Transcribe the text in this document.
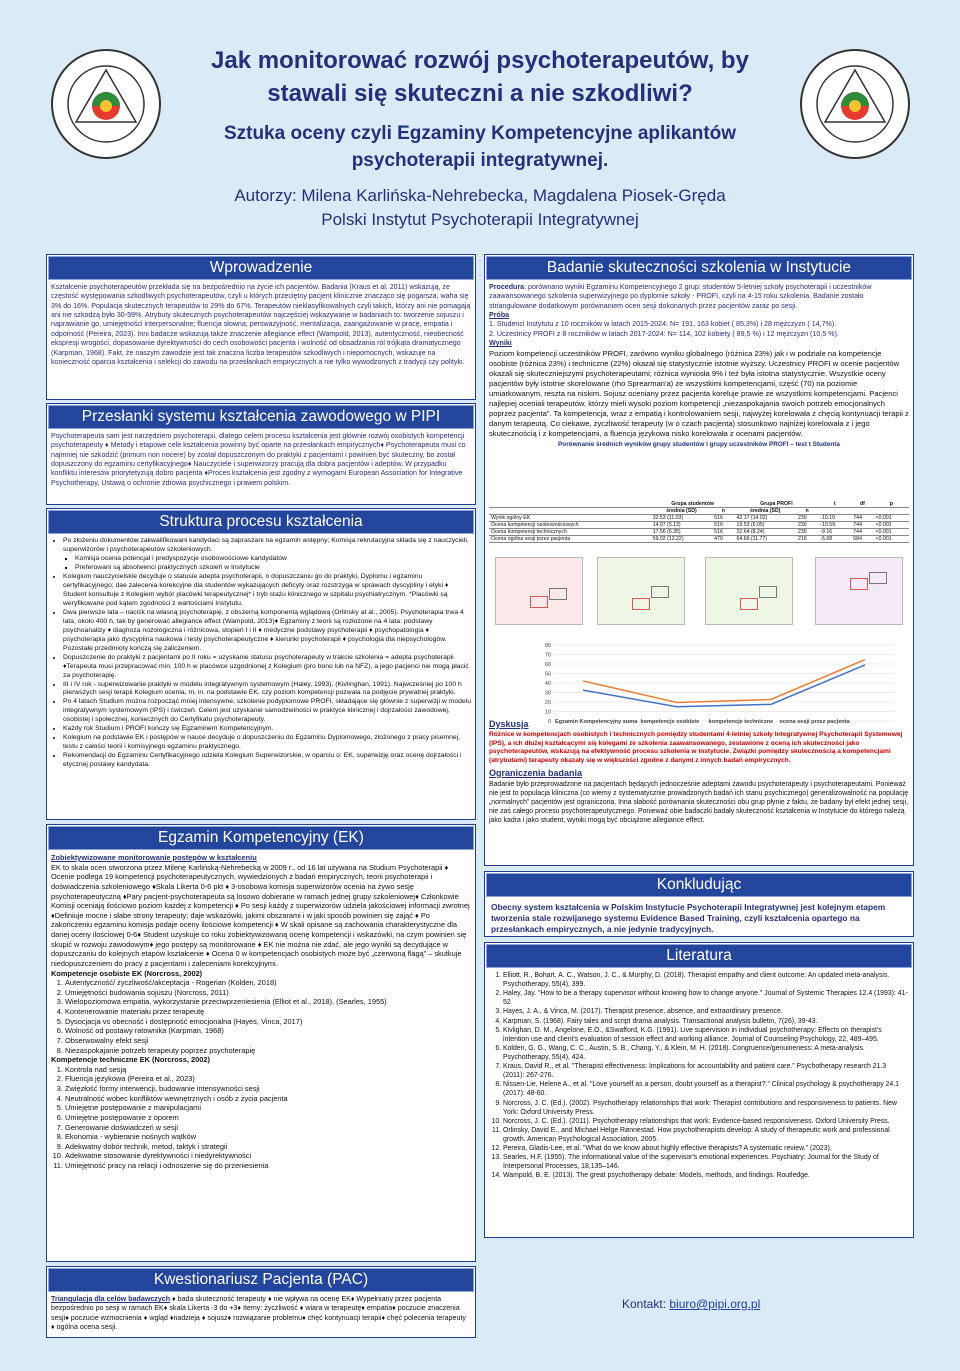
Jak monitorować rozwój psychoterapeutów, by
stawali się skuteczni a nie szkodliwi?
Sztuka oceny czyli Egzaminy Kompetencyjne aplikantów
psychoterapii integratywnej.
Autorzy: Milena Karlińska-Nehrebecka, Magdalena Piosek-Gręda
Polski Instytut Psychoterapii Integratywnej
Wprowadzenie
Kształcenie psychoterapeutów przekłada się na bezpośrednio na życie ich pacjentów. Badania (Kraus et al. 2011) wskazują, że częstość występowania szkodliwych psychoterapeutów, czyli u których przeciętny pacjent klinicznie znacząco się pogarsza, waha się 3% do 16%. Populacja skutecznych terapeutów to 29% do 67%. Terapeutów nieklasyfikowalnych czyli takich, którzy ani nie pomagają ani nie szkodzą było 30-59%. Atrybuty skutecznych psychoterapeutów najczęściej wskazywane w badaniach to: tworzenie sojuszu i naprawianie go, umiejętności interpersonalne; fluencja słowna; perswazyjność, mentalizacja, zaangażowanie w pracę, empatia i odporność (Pereira, 2023). Inni badacze wskazują także znaczenie allegiance effect (Wampold, 2013), autentyczność, nieobecność ekspresji wrogości, dopasowanie dyrektywności do cech osobowości pacjenta i wolność od obsadzania ról trójkąta dramatycznego (Karpman, 1968). Fakt, że naszym zawodzie jest tak znaczna liczba terapeutów szkodliwych i niepomocnych, wskazuje na konieczność oparcia kształcenia i selekcji do zawodu na przesłankach empirycznych a nie tylko wywodzonych z tradycji czy polityki.
Przesłanki systemu kształcenia zawodowego w PIPI
Psychoterapeuta sam jest narzędziem psychoterapii, dlatego celem procesu kształcenia jest głównie rozwój osobistych kompetencji psychoterapeuty ♦ Metody i etapowe cele kształcenia powinny być oparte na przesłankach empirycznych♦ Psychoterapeuta musi co najmniej nie szkodzić (primum non nocere) by został dopuszczonym do praktyki z pacjentami i powinien być skuteczny, bo został dopuszczony do egzaminu certyfikacyjnego♦ Nauczyciele i superwizorzy pracują dla dobra pacjentów i adeptów. W przypadku konfliktu interesów priorytetyzują dobro pacjenta ♦Proces kształcenia jest zgodny z wymogami European Association for Integrative Psychotherapy, Ustawą o ochronie zdrowia psychicznego i prawem polskim.
Struktura procesu kształcenia
• Po złożeniu dokumentów zakwalifikowani kandydaci są zapraszani na egzamin wstępny; Komisja rekrutacyjna składa się z nauczycieli, superwizorów i psychoterapeutów szkoleniowych.
▪ Komisja ocenia potencjał i predyspozycje osobowościowe kandydatów
▪ Preferowani są absolwenci praktycznych szkoleń w Instytucie
• Kolegium nauczycielskie decyduje o statusie adepta psychoterapii, o dopuszczaniu go do praktyki, Dyplomu i egzaminu certyfikacyjnego; dae zalecenia korekcyjne dla studentów wykazujących deficyty oraz rozstrzyga w sprawach dyscypliny i etyki ♦ Student konsultuje z Kolegiem wybór placówki terapeutycznej* i tryb stażu klinicznego w szpitalu psychiatrycznym. *Placówki są weryfikowane pod kątem zgodności z wartościami Instytutu.
• Dwa pierwsze lata – nacisk na własną psychoterapię, z obszerną komponentą wglądową (Orlinsky at al., 2005). Psychoterapia trwa 4 lata, około 400 h, tak by generować allegiance effect (Wampold, 2013)♦ Egzaminy z teorii są rozłożone na 4 lata: podstawy psychoanalizy ♦ diagnoza nozologiczna i różnicowa, stopień I i II ♦ medyczne podstawy psychoterapii ♦ psychopatologia ♦ psychoterapia jako dyscyplina naukowa i testy psychoterapeutyczne ♦ kierunki psychoterapii ♦ psychologia dla niepsychologów. Pozostałe przedmioty kończą się zaliczeniem.
• Dopuszczenie do praktyki z pacjentami po II roku = uzyskanie statusu psychoterapeuty w trakcie szkolenia = adepta psychoterapii ♦Terapeuta musi przepracować min. 100 h w placówce uzgodnionej z Kolegium (pro bono lub na NFZ), a jego pacjenci nie mogą płacić za psychoterapię.
• III i IV rok - superwizowanie praktyki w modelu integratywnym systemowym (Haley, 1993), (Kivlinghan, 1991). Najwcześniej po 100 h pierwszych sesji terapii Kolegium ocenia, m. in. na podstawie EK, czy poziom kompetencji pozwala na podjęcie prywatnej praktyki.
• Po 4 latach Studium można rozpocząć mniej intensywne, szkolenie podyplomowe PROFI, składające się głównie z superwizji w modelu integratywnym systemowym (IPS) i ćwiczeń. Celem jest uzyskanie samodzielności w praktyce klinicznej i dojrzałości zawodowej, osobistej i społecznej, koniecznych do Certyfikatu psychoterapeuty.
• Każdy rok Studium i PROFI kończy się Egzaminem Kompetencyjnym.
• Kolegium na podstawie EK i postępów w nauce decyduje o dopuszczeniu do Egzaminu Dyplomowego, złożonego z pracy pisemnej, testu z całości teorii i komisyjnego egzaminu praktycznego.
• Rekomendacji do Egzaminu Certyfikacyjnego udziela Kolegium Superwizorskie, w oparciu o: EK, superwizję oraz ocenę dojrzałości i etycznej postawy kandydata.
Egzamin Kompetencyjny (EK)
Zobiektywizowane monitorowanie postępów w kształceniu

EK to skala ocen stworzona przez Milenę Karlińską-Nehrebecką w 2009 r., od 16 lat używana na Studium Psychoterapii ♦ Ocenie podlega 19 kompetencji psychoterapeutycznych, wywiedzionych z badań empirycznych, teorii psychoterapii i doświadczenia szkoleniowego ♦Skala Likerta 0-6 pkt ♦ 3-osobowa komisja superwizorów ocenia na żywo sesję psychoterapeutyczną ♦Pary pacjent-psychoterapeuta są losowo dobierane w ramach jednej grupy szkoleniowej♦ Członkowie Komisji oceniają ilościowo poziom każdej z kompetencji ♦ Po sesji każdy z superwizorów udziela jakościowej informacji zwrotnej ♦Definiuje mocne i słabe strony terapeuty; daje wskazówki, jakimi obszarami i w jaki sposób powinien się zająć ♦ Po zakończeniu egzaminu komisja podaje oceny ilościowe kompetencji ♦ W skali opisane są zachowania charakterystyczne dla danej oceny ilościowej 0-6♦ Student uzyskuje co roku zobiektywizowaną ocenę kompetencji i wskazówki, na czym powinien się skupić w rozwoju zawodowym♦ jego postępy są monitorowane ♦ EK nie można nie zdać, ale jego wyniki są decydujące w dopuszczaniu do kolejnych etapów kształcenie ♦ Ocena 0 w kompetencjach osobistych może być „czerwoną flagą” – skutkuje niedopuszczeniem do pracy z pacjentami i zaleceniami korekcyjnymi.

Kompetencje osobiste EK (Norcross, 2002)
1. Autentyczność/ życzliwość/akceptacja - Rogerian (Kolden, 2018)
2. Umiejętności budowania sojuszu (Norcross, 2011)
3. Wielopoziomowa empatia, wykorzystanie przeciwprzeniesienia (Elliot et al., 2018), (Searles, 1955)
4. Kontenerowanie materiału przez terapeutę
5. Dysocjacja vs obecność i dostępność emocjonalna (Hayes, Vinca, 2017)
6. Wolność od postawy ratownika (Karpman, 1968)
7. Obserwowalny efekt sesji
8. Niezaspokajanie potrzeb terapeuty poprzez psychoterapię
Kompetencje techniczne EK (Norcross, 2002)
1. Kontrola nad sesją
2. Fluencja językowa (Pereira et al., 2023)
3. Zwięzłość formy interwencji, budowanie intensywności sesji
4. Neutralność wobec konfliktów wewnętrznych i osób z życia pacjenta
5. Umiejętne postępowanie z manipulacjami
6. Umiejętne postępowanie z oporem
7. Generowanie doświadczeń w sesji
8. Ekonomia - wybieranie nośnych wątków
9. Adekwatny dobór technik, metod, taktyk i strategii
10. Adekwatne stosowanie dyrektywności i niedyrektywności
11. Umiejętność pracy na relacji i odnoszenie się do przeniesienia
Kwestionariusz Pacjenta (PAC)
Triangulacja dla celów badawczych ♦ bada skuteczność terapeuty ♦ nie wpływa na ocenę EK♦ Wypełniany przez pacjenta bezpośrednio po sesji w ramach EK♦ skala Likerta -3 do +3♦ Itemy: życzliwość ♦ wiara w terapeutę♦ empatia♦ poczucie znaczenia sesji♦ poczucie wzmocnienia ♦ wgląd ♦nadzieja ♦ sojusz♦ rozwiązanie problemu♦ chęć kontynuacji terapii♦ chęć polecenia terapeuty ♦ ogólna ocena sesji.
Badanie skuteczności szkolenia w Instytucie

Procedura: porównano wyniki Egzaminu Kompetencyjnego 2 grup: studentów 5-letniej szkoły psychoterapii i uczestników zaawansowanego szkolenia superwizyjnego po dyplomie szkoły - PROFI, czyli na 4-15 roku szkolenia. Badanie zostało striangulowane dodatkowym porównaniem ocen sesji dokonanych przez pacjentów zaraz po sesji.

Próba

1. Studenci Instytutu z 10 roczników w latach 2015-2024: N= 191, 163 kobiet ( 85,3%) i 28 mężczyzn ( 14,7%).

2. Uczestnicy PROFI z 8 roczników w latach 2017-2024: N= 114, 102 kobiety ( 89,5 %) i 12 mężczyzn (10,5 %).

Wyniki

Poziom kompetencji uczestników PROFI, zarówno wyniku globalnego (różnica 23%) jak i w podziale na kompetencje osobiste (różnica 23%) i techniczne (22%) okazał się statystycznie istotnie wyższy. Uczestnicy PROFI w ocenie pacjentów okazali się skuteczniejszymi psychoterapeutami; różnica wyniosła 9% i też była istotna statystycznie. Wszystkie oceny pacjentów były istotnie skorelowane (rho Sprearman'a) ze wszystkimi kompetencjami, część (70) na poziomie umiarkowanym, reszta na niskim. Sojusz oceniany przez pacjenta koreluje prawie ze wszystkimi kompetencjami. Pacjenci najlepiej oceniali terapeutów, którzy mieli wysoki poziom kompetencji „niezaspokajania swoich potrzeb emocjonalnych poprzez pacjenta”. Ta kompetencja, wraz z empatią i kontrolowaniem sesji, najwyżej korelowała z chęcią kontynuacji terapii z danym terapeutą. Co ciekawe, życzliwość terapeuty (w o czach pacjenta) stosunkowo najniżej korelowała z i jego skutecznością i z kompetencjami, a fluencja językowa nisko korelowała z ocenami pacjentów.

Porównanie średnich wyników grupy studentów i grupy uczestników PROFI – test t Studenta
	Grupa studentów		Grupa PROFI		t	df	p
	średnia (SD)	n	średnia (SD)	n			
Wynik ogólny EK	32.53 (11.03)	516	42.17 (14.02)	230	-10.10	744	<0.001
Ocena kompetencji osobowościowych	14.97 (5.13)	516	19.53 (6.05)	230	-10.59	744	<0.001
Ocena kompetencji technicznych	17.56 (6.35)	516	22.64 (8.24)	230	-9.16	744	<0.001
Ocena ogólna sesji przez pacjenta	59.02 (12.22)	470	64.66 (11.77)	216	-5.68	684	<0.001
0
10
20
30
40
50
60
70
80
Egzamin Kompetencyjny suma  kompetencje osobiste      kompetencje techniczne    ocena sesji przez pacjenta
Dyskusja

Różnice w kompetencjach osobistych i technicznych pomiędzy studentami 4-letniej szkoły Integratywnej Psychoterapii Systemowej (IPS), a ich dłużej kształcącymi się kolegami ze szkolenia zaawansowanego, zestawione z oceną ich skuteczności jako psychoterapeutów, wskazują na efektywność procesu szkolenia w Instytucie. Związki pomiędzy skutecznością a kompetencjami (atrybutami) terapeuty okazały się w większości zgodne z danymi z innych badań empirycznych.

Ograniczenia badania

Badanie było przeprowadzone na pacjentach będących jednocześnie adeptami zawodu psychoterapeuty i psychoterapeutami. Ponieważ nie jest to populacja kliniczna (co wiemy z systematycznie prowadzonych badań ich stanu psychicznego) generalizowalność na populację „normalnych” pacjentów jest ograniczona. Inna słabość porównania skuteczności obu grup płynie z faktu, że badany był efekt jednej sesji, nie zaś całego procesu psychoterapeutycznego. Ponieważ obie badaczki badały skuteczność kształcenia w Instytucie do którego należą jako kadra i jako student, wyniki mogą być obciążone allegiance effect.

Konkludując
Obecny system kształcenia w Polskim Instytucie Psychoterapii Integratywnej jest kolejnym etapem tworzenia stale rozwijanego systemu Evidence Based Training, czyli kształcenia opartego na przesłankach empirycznych, a nie jedynie tradycyjnych.
Literatura
1. Elliott, R., Bohart, A. C., Watson, J. C., & Murphy, D. (2018). Therapist empathy and client outcome: An updated meta-analysis. Psychotherapy, 55(4), 399.
2. Haley, Jay. "How to be a therapy supervisor without knowing how to change anyone." Journal of Systemic Therapies 12.4 (1993): 41-52
3. Hayes, J. A., & Vinca, M. (2017). Therapist presence, absence, and extraordinary presence.
4. Karpman, S. (1968). Fairy tales and script drama analysis. Transactional analysis bulletin, 7(26), 39-43.
5. Kivlighan, D. M., Angelone, E.O., &Swafford, K.G. (1991). Live supervision in individual psychotherapy: Effects on therapist's intention use and client's evaluation of session effect and working alliance. Journal of Counseling Psychology, 22, 489–495.
6. Kolden, G. G., Wang, C. C., Austin, S. B., Chang, Y., & Klein, M. H. (2018). Congruence/genuineness: A meta-analysis. Psychotherapy, 55(4), 424.
7. Kraus, David R., et al. "Therapist effectiveness: Implications for accountability and patient care." Psychotherapy research 21.3 (2011): 267-276.
8. Nissen-Lie, Helene A., et al. "Love yourself as a person, doubt yourself as a therapist?." Clinical psychology & psychotherapy 24.1 (2017): 48-60.
9. Norcross, J. C. (Ed.). (2002). Psychotherapy relationships that work: Therapist contributions and responsiveness to patients. New York: Oxford University Press.
10. Norcross, J. C. (Ed.). (2011). Psychotherapy relationships that work: Evidence-based responsiveness. Oxford University Press.
11. Orlinsky, David E., and Michael Helge Rønnestad. How psychotherapists develop: A study of therapeutic work and professional growth. American Psychological Association, 2005.
12. Pereira, Gladis-Lee, et al. "What do we know about highly effective therapists? A systematic review." (2023).
13. Searles, H.F. (1955). The informational value of the supervisor's emotional experiences. Psychiatry: Journal for the Study of Interpersonal Processes, 18,135–146.
14. Wampold, B. E. (2013). The great psychotherapy debate: Models, methods, and findings. Routledge.
Kontakt: biuro@pipi.org.pl
